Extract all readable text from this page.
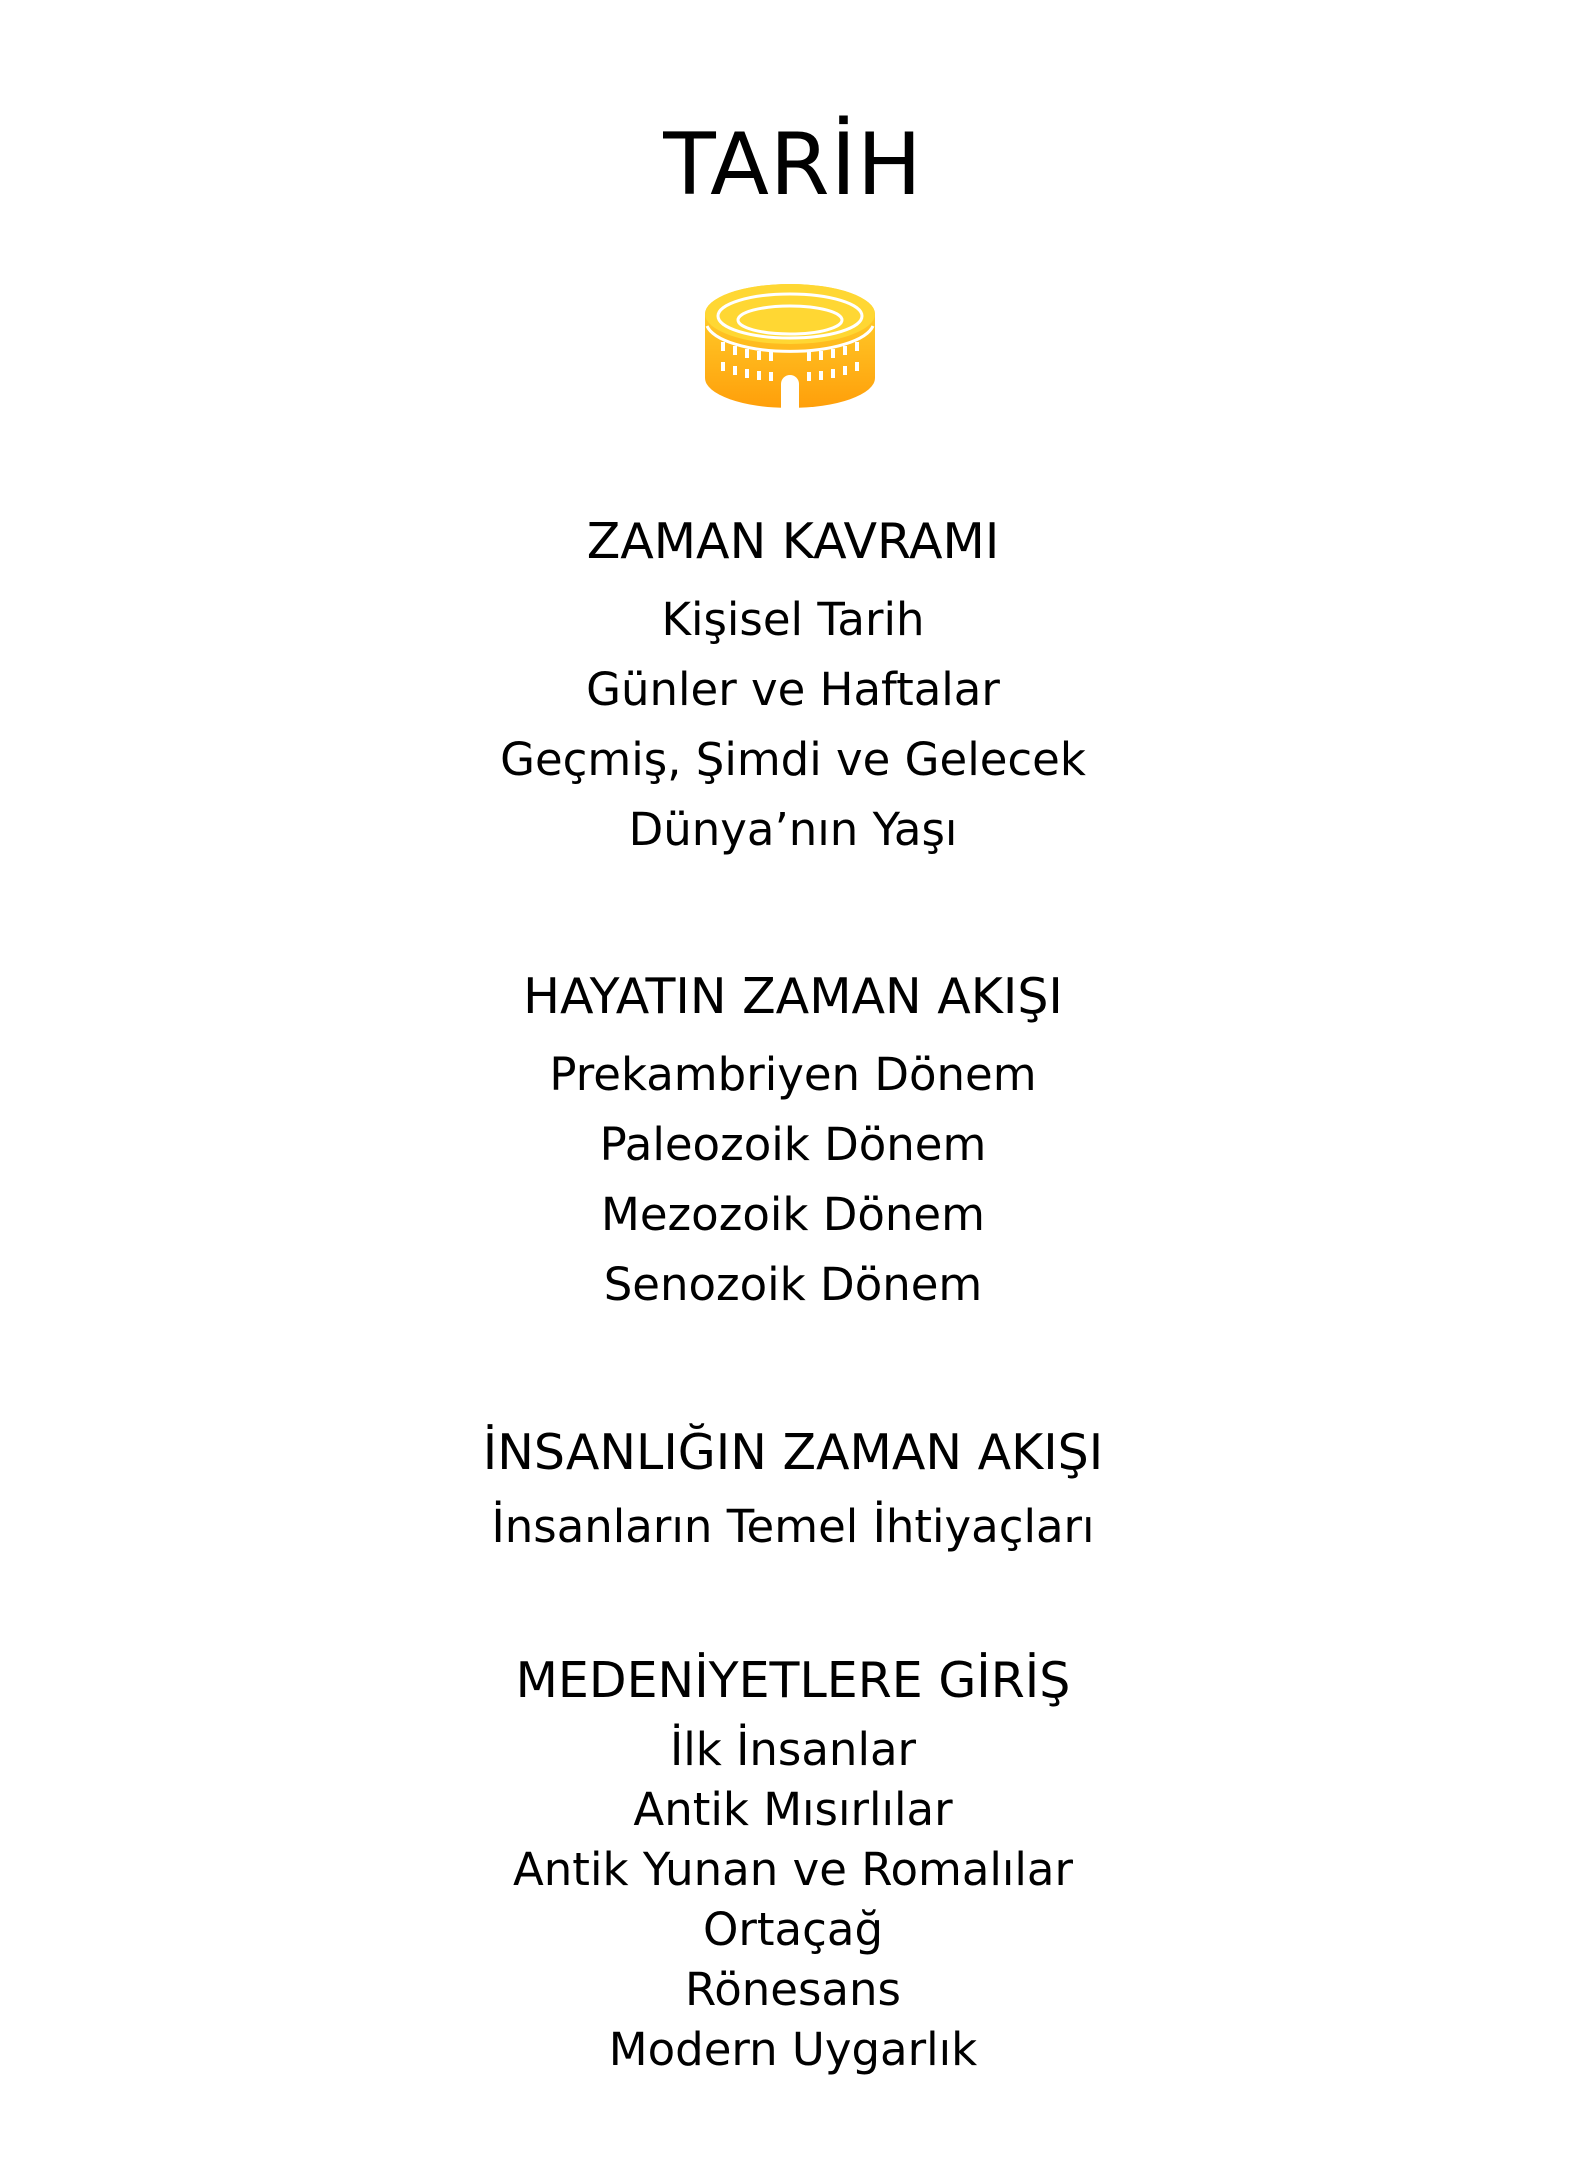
TARİH
ZAMAN KAVRAMI
Kişisel Tarih
Günler ve Haftalar
Geçmiş, Şimdi ve Gelecek
Dünya’nın Yaşı
HAYATIN ZAMAN AKIŞI
Prekambriyen Dönem
Paleozoik Dönem
Mezozoik Dönem
Senozoik Dönem
İNSANLIĞIN ZAMAN AKIŞI
İnsanların Temel İhtiyaçları
MEDENİYETLERE GİRİŞ
İlk İnsanlar
Antik Mısırlılar
Antik Yunan ve Romalılar
Ortaçağ
Rönesans
Modern Uygarlık
